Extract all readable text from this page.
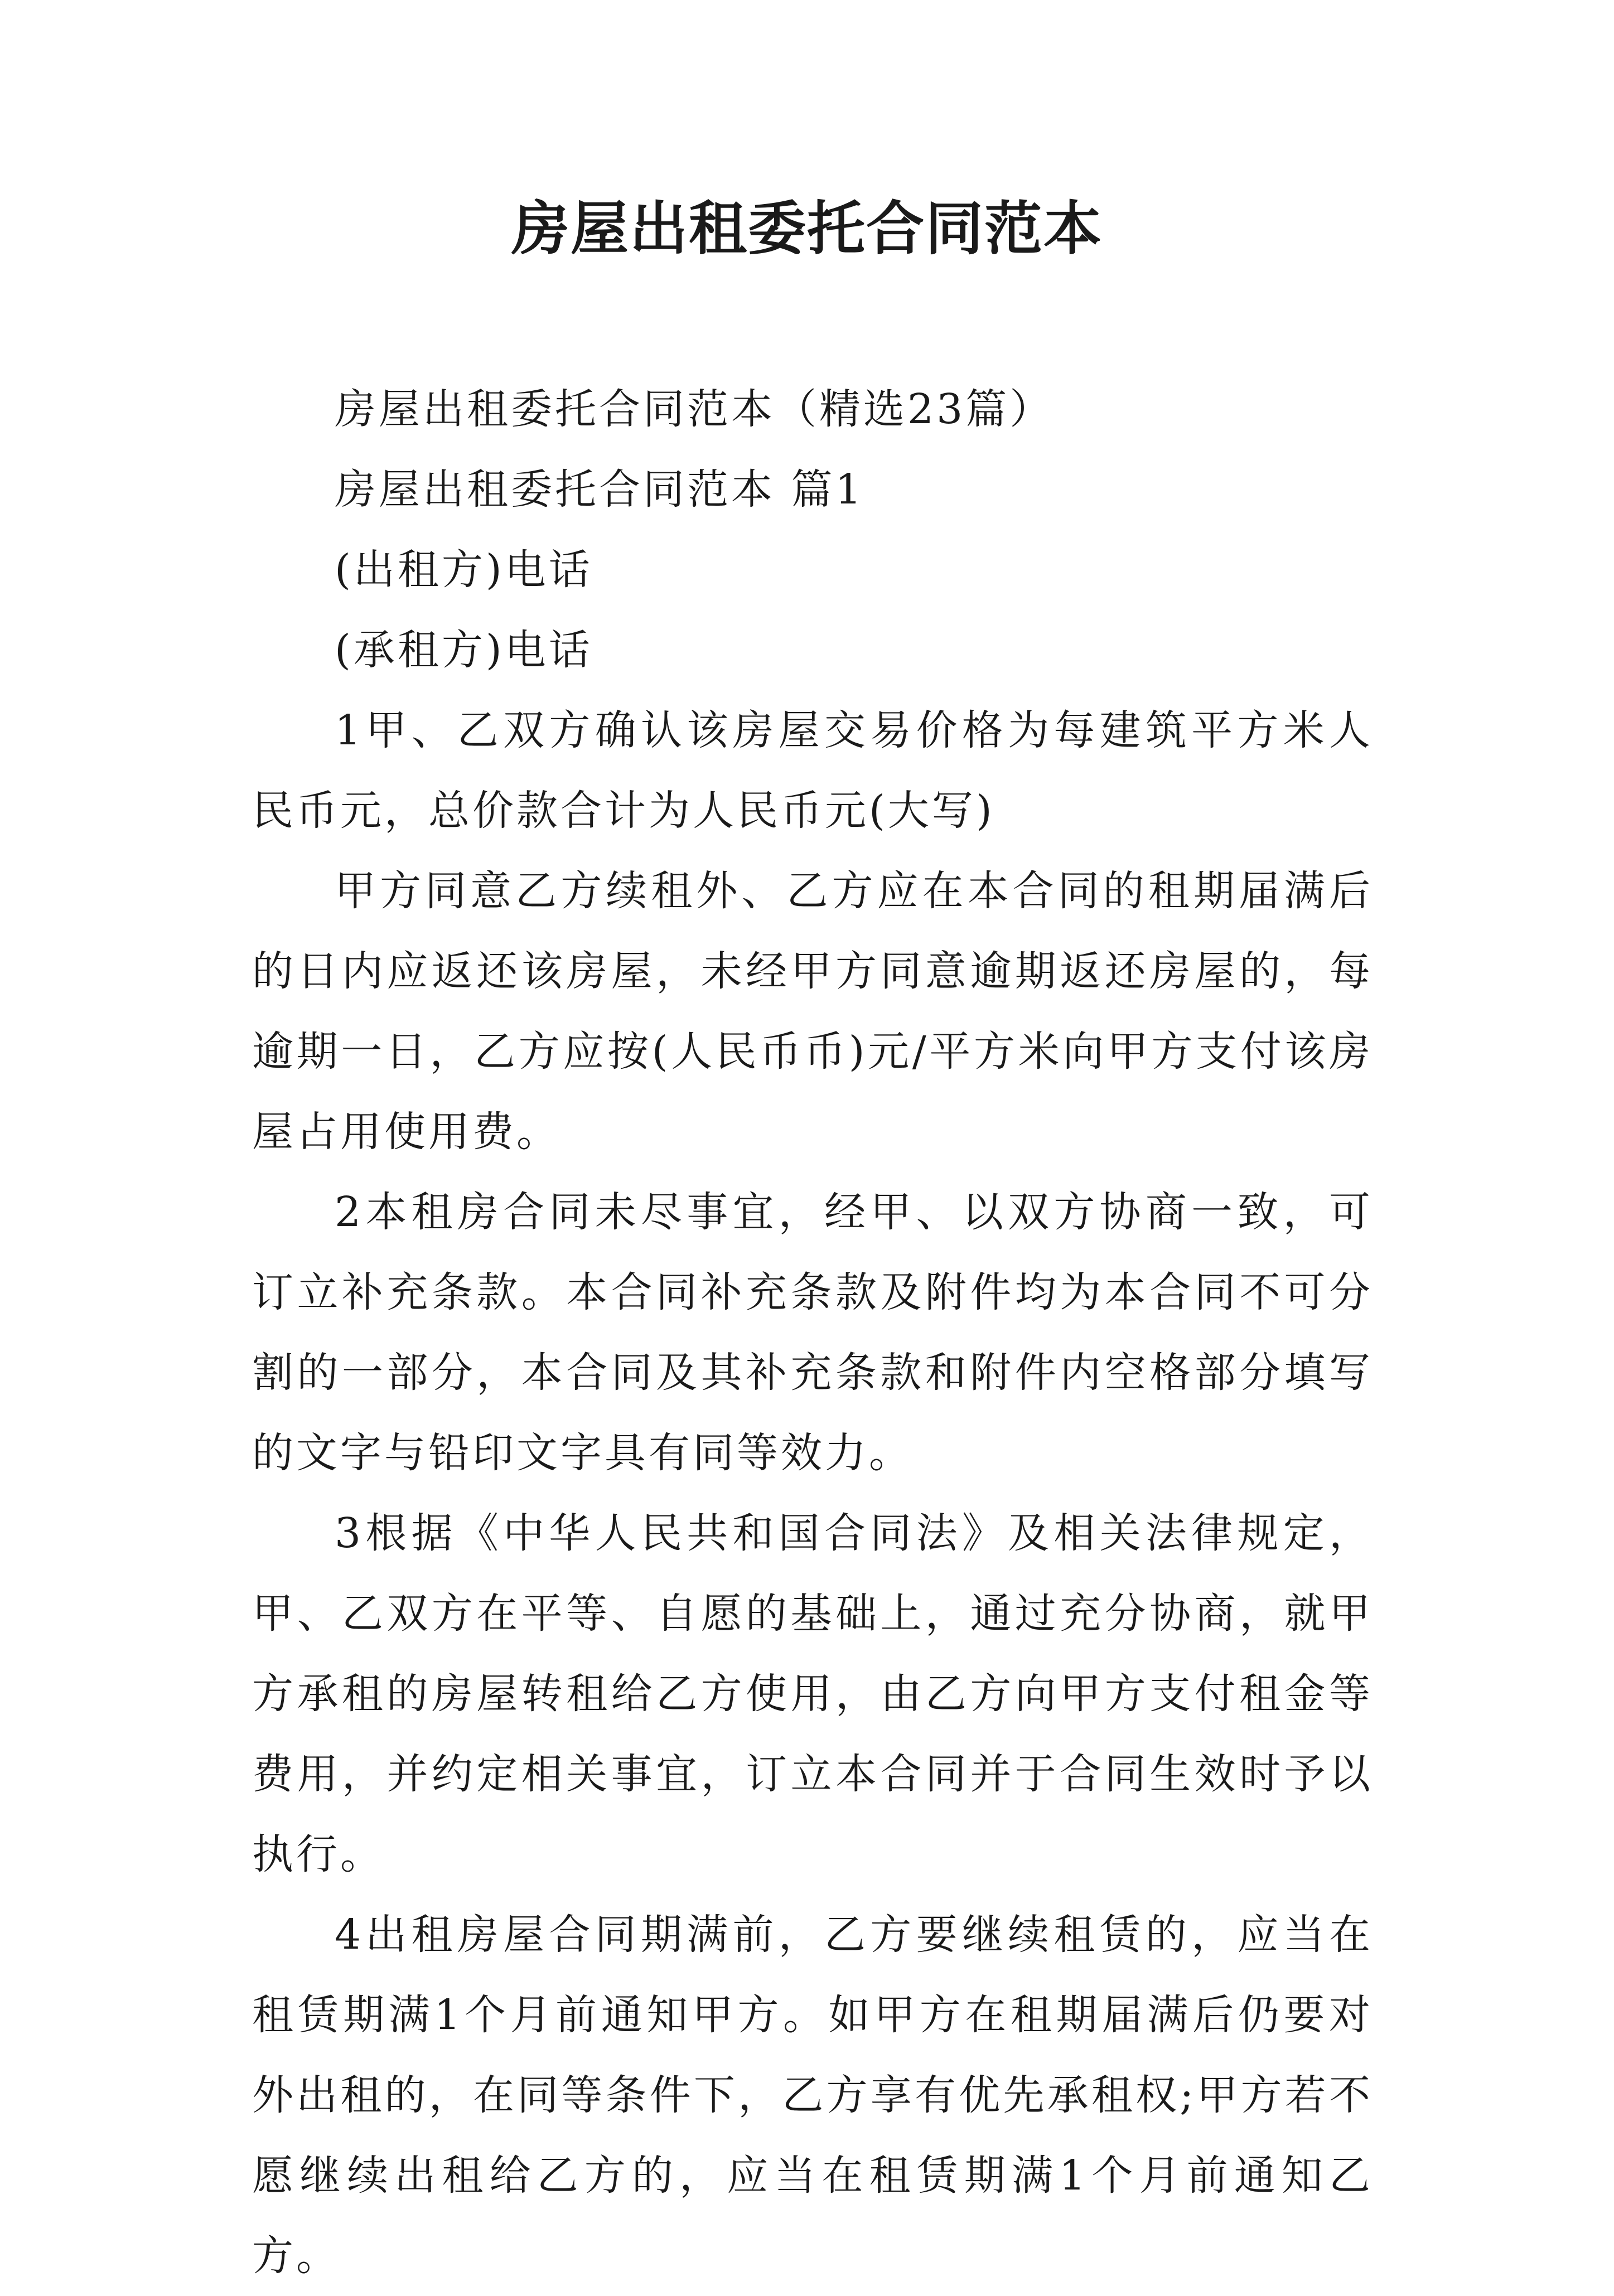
房屋出租委托合同范本

房屋出租委托合同范本（精选23篇）

房屋出租委托合同范本 篇1

(出租方)电话

(承租方)电话

1甲、乙双方确认该房屋交易价格为每建筑平方米人民币元，总价款合计为人民币元(大写)

甲方同意乙方续租外、乙方应在本合同的租期届满后的日内应返还该房屋，未经甲方同意逾期返还房屋的，每逾期一日，乙方应按(人民币币)元/平方米向甲方支付该房屋占用使用费。

2本租房合同未尽事宜，经甲、以双方协商一致，可订立补充条款。本合同补充条款及附件均为本合同不可分割的一部分，本合同及其补充条款和附件内空格部分填写的文字与铅印文字具有同等效力。

3根据《中华人民共和国合同法》及相关法律规定，甲、乙双方在平等、自愿的基础上，通过充分协商，就甲方承租的房屋转租给乙方使用，由乙方向甲方支付租金等费用，并约定相关事宜，订立本合同并于合同生效时予以执行。

4出租房屋合同期满前，乙方要继续租赁的，应当在租赁期满1个月前通知甲方。如甲方在租期届满后仍要对外出租的，在同等条件下，乙方享有优先承租权;甲方若不愿继续出租给乙方的，应当在租赁期满1个月前通知乙方。
